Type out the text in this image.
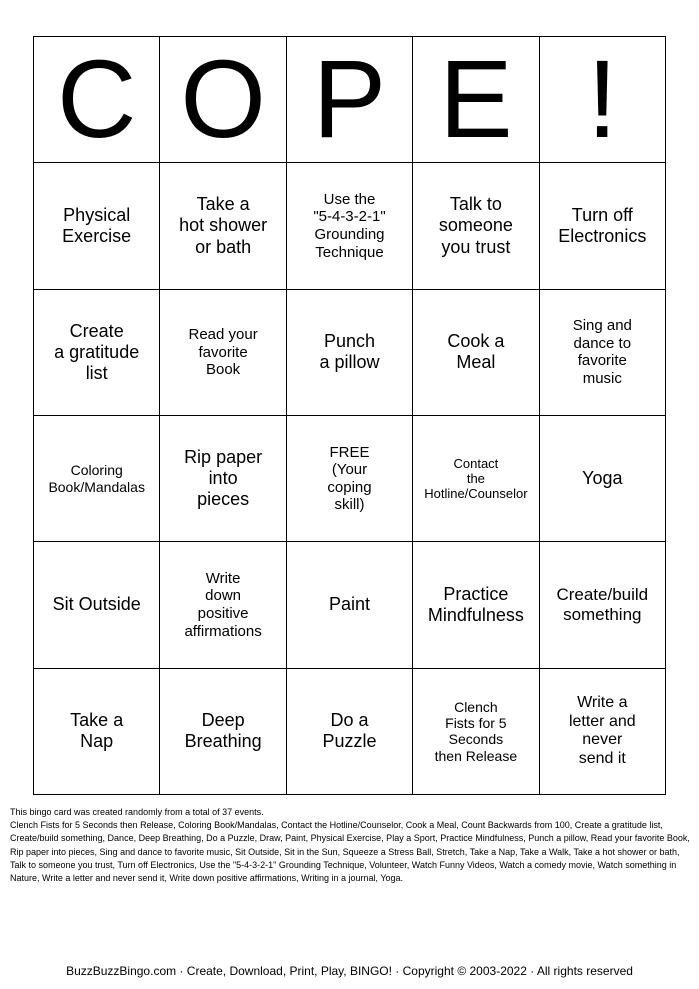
C O P E !
Physical
Exercise
Take a
hot shower
or bath
Use the
"5-4-3-2-1"
Grounding
Technique
Talk to
someone
you trust
Turn off
Electronics
Create
a gratitude
list
Read your
favorite
Book
Punch
a pillow
Cook a
Meal
Sing and
dance to
favorite
music
Coloring
Book/Mandalas
Rip paper
into
pieces
FREE
(Your
coping
skill)
Contact
the
Hotline/Counselor
Yoga
Sit Outside
Write
down
positive
affirmations
Paint
Practice
Mindfulness
Create/build
something
Take a
Nap
Deep
Breathing
Do a
Puzzle
Clench
Fists for 5
Seconds
then Release
Write a
letter and
never
send it
This bingo card was created randomly from a total of 37 events.
Clench Fists for 5 Seconds then Release, Coloring Book/Mandalas, Contact the Hotline/Counselor, Cook a Meal, Count Backwards from 100, Create a gratitude list, Create/build something, Dance, Deep Breathing, Do a Puzzle, Draw, Paint, Physical Exercise, Play a Sport, Practice Mindfulness, Punch a pillow, Read your favorite Book, Rip paper into pieces, Sing and dance to favorite music, Sit Outside, Sit in the Sun, Squeeze a Stress Ball, Stretch, Take a Nap, Take a Walk, Take a hot shower or bath, Talk to someone you trust, Turn off Electronics, Use the "5-4-3-2-1" Grounding Technique, Volunteer, Watch Funny Videos, Watch a comedy movie, Watch something in Nature, Write a letter and never send it, Write down positive affirmations, Writing in a journal, Yoga.
BuzzBuzzBingo.com · Create, Download, Print, Play, BINGO! · Copyright © 2003-2022 · All rights reserved
